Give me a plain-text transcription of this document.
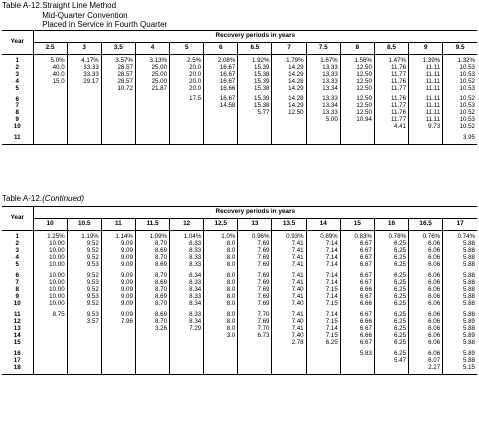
Table A-12. Straight Line Method
Mid-Quarter Convention
Placed in Service in Fourth Quarter
Year	Recovery periods in years												
	2.5	3	3.5	4	5	6	6.5	7	7.5	8	8.5	9	9.5
1	5.0%	4.17%	3.57%	3.13%	2.5%	2.08%	1.92%	1.79%	1.67%	1.56%	1.47%	1.39%	1.32%
2	40.0	33.33	28.57	25.00	20.0	16.67	15.39	14.29	13.33	12.50	11.76	11.11	10.53
3	40.0	33.33	28.57	25.00	20.0	16.67	15.38	14.29	13.33	12.50	11.77	11.11	10.53
4	15.0	29.17	28.57	25.00	20.0	16.67	15.39	14.28	13.33	12.50	11.76	11.11	10.52
5			10.72	21.87	20.0	16.66	15.38	14.29	13.34	12.50	11.77	11.11	10.53
6					17.5	16.67	15.39	14.28	13.33	12.50	11.76	11.11	10.52
7						14.58	15.38	14.29	13.34	12.50	11.77	11.11	10.53
8							5.77	12.50	13.33	12.50	11.76	11.11	10.52
9									5.00	10.94	11.77	11.11	10.53
10											4.41	9.73	10.52
11													3.95
Table A-12. (Continued)
Year	Recovery periods in years												
	10	10.5	11	11.5	12	12.5	13	13.5	14	15	16	16.5	17
1	1.25%	1.19%	1.14%	1.09%	1.04%	1.0%	0.96%	0.93%	0.89%	0.83%	0.78%	0.76%	0.74%
2	10.00	9.52	9.09	8.70	8.33	8.0	7.69	7.41	7.14	6.67	6.25	6.06	5.88
3	10.00	9.52	9.09	8.69	8.33	8.0	7.69	7.41	7.14	6.67	6.25	6.06	5.88
4	10.00	9.52	9.09	8.70	8.33	8.0	7.69	7.41	7.14	6.67	6.25	6.06	5.88
5	10.00	9.53	9.09	8.69	8.33	8.0	7.69	7.41	7.14	6.67	6.25	6.06	5.88
6	10.00	9.52	9.09	8.70	8.34	8.0	7.69	7.41	7.14	6.67	6.25	6.06	5.88
7	10.00	9.53	9.09	8.69	8.33	8.0	7.69	7.41	7.14	6.67	6.25	6.06	5.88
8	10.00	9.52	9.09	8.70	8.34	8.0	7.69	7.40	7.15	6.66	6.25	6.06	5.88
9	10.00	9.53	9.09	8.69	8.33	8.0	7.69	7.41	7.14	6.67	6.25	6.06	5.88
10	10.00	9.52	9.09	8.70	8.34	8.0	7.69	7.40	7.15	6.66	6.25	6.06	5.88
11	8.75	9.53	9.09	8.69	8.33	8.0	7.70	7.41	7.14	6.67	6.25	6.06	5.88
12		3.57	7.96	8.70	8.34	8.0	7.69	7.40	7.15	6.66	6.25	6.06	5.89
13				3.26	7.29	8.0	7.70	7.41	7.14	6.67	6.25	6.06	5.88
14						3.0	6.73	7.40	7.15	6.66	6.25	6.06	5.89
15								2.78	6.25	6.67	6.25	6.06	5.88
16										5.83	6.25	6.06	5.89
17											5.47	6.07	5.88
18												2.27	5.15
